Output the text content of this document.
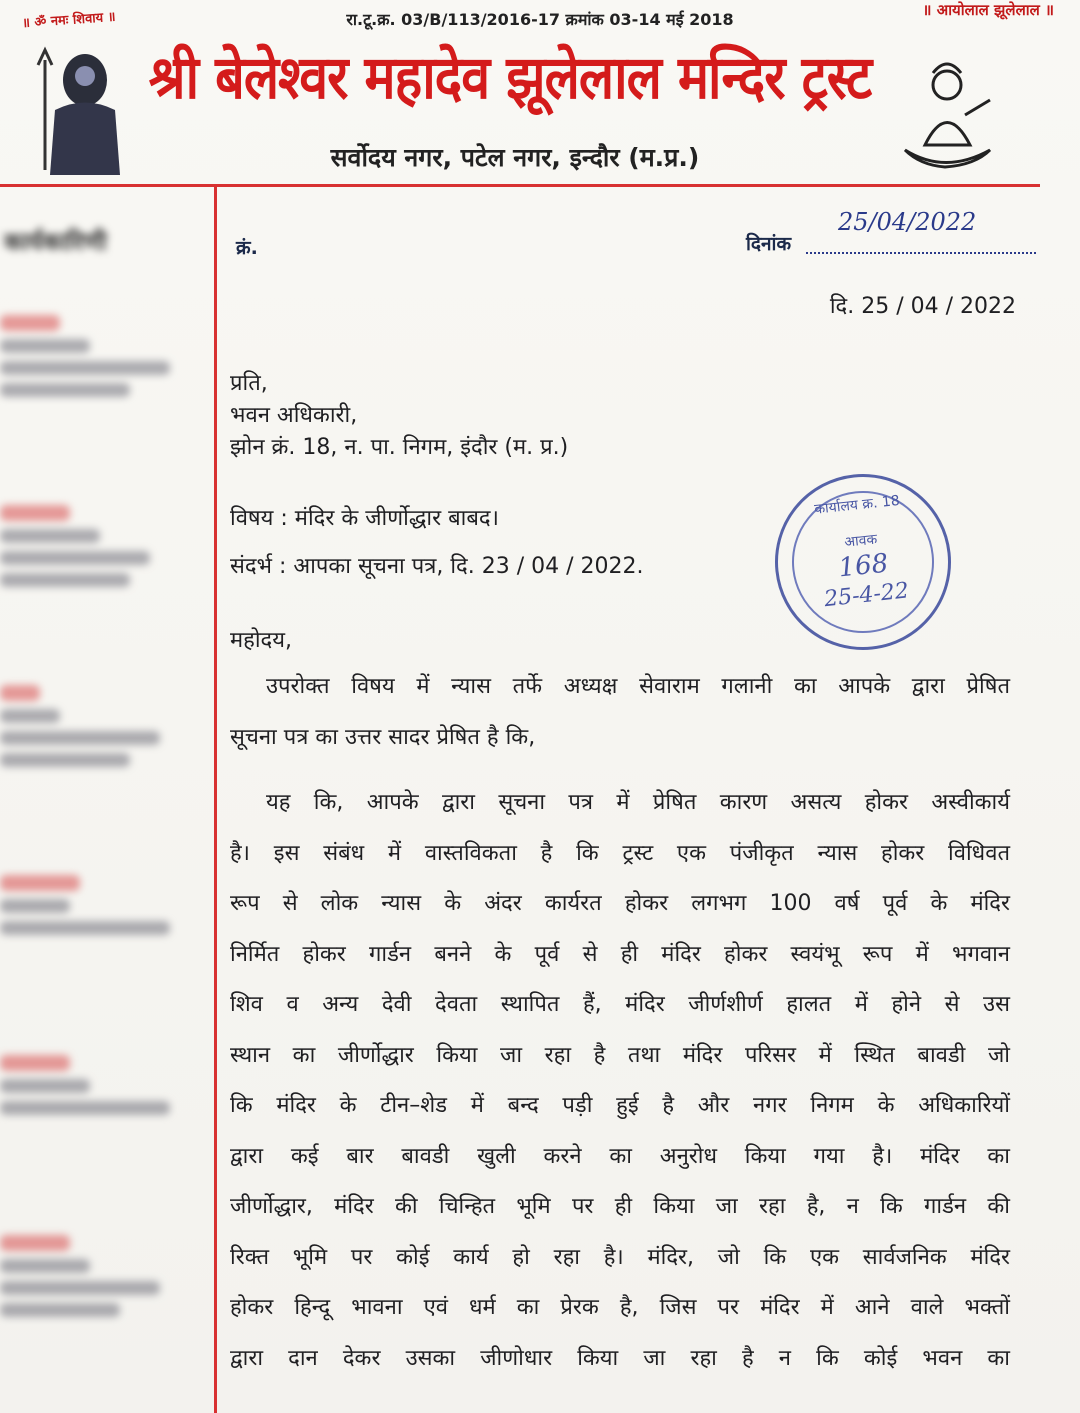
॥ ॐ नमः शिवाय ॥	॥ आयोलाल झूलेलाल ॥
रा.टू.क्र. 03/B/113/2016-17 क्रमांक 03-14 मई 2018
श्री बेलेश्वर महादेव झूलेलाल मन्दिर ट्रस्ट
सर्वोदय नगर, पटेल नगर, इन्दौर (म.प्र.)
कार्यकारिणी	क्रं.	दिनांक
25/04/2022
दि. 25 / 04 / 2022
प्रति,
भवन अधिकारी,
झोन क्रं. 18, न. पा. निगम, इंदौर (म. प्र.)
विषय : मंदिर के जीर्णोद्धार बाबद।
संदर्भ : आपका सूचना पत्र, दि. 23 / 04 / 2022.
महोदय,
कार्यालय क्र. 18
आवक
168
25-4-22
उपरोक्त विषय में न्यास तर्फे अध्यक्ष सेवाराम गलानी का आपके द्वारा प्रेषित
सूचना पत्र का उत्तर सादर प्रेषित है कि,
यह कि, आपके द्वारा सूचना पत्र में प्रेषित कारण असत्य होकर अस्वीकार्य
है। इस संबंध में वास्तविकता है कि ट्रस्ट एक पंजीकृत न्यास होकर विधिवत
रूप से लोक न्यास के अंदर कार्यरत होकर लगभग 100 वर्ष पूर्व के मंदिर
निर्मित होकर गार्डन बनने के पूर्व से ही मंदिर होकर स्वयंभू रूप में भगवान
शिव व अन्य देवी देवता स्थापित हैं, मंदिर जीर्णशीर्ण हालत में होने से उस
स्थान का जीर्णोद्धार किया जा रहा है तथा मंदिर परिसर में स्थित बावडी जो
कि मंदिर के टीन–शेड में बन्द पड़ी हुई है और नगर निगम के अधिकारियों
द्वारा कई बार बावडी खुली करने का अनुरोध किया गया है। मंदिर का
जीर्णोद्धार, मंदिर की चिन्हित भूमि पर ही किया जा रहा है, न कि गार्डन की
रिक्त भूमि पर कोई कार्य हो रहा है। मंदिर, जो कि एक सार्वजनिक मंदिर
होकर हिन्दू भावना एवं धर्म का प्रेरक है, जिस पर मंदिर में आने वाले भक्तों
द्वारा दान देकर उसका जीणोधार किया जा रहा है न कि कोई भवन का
